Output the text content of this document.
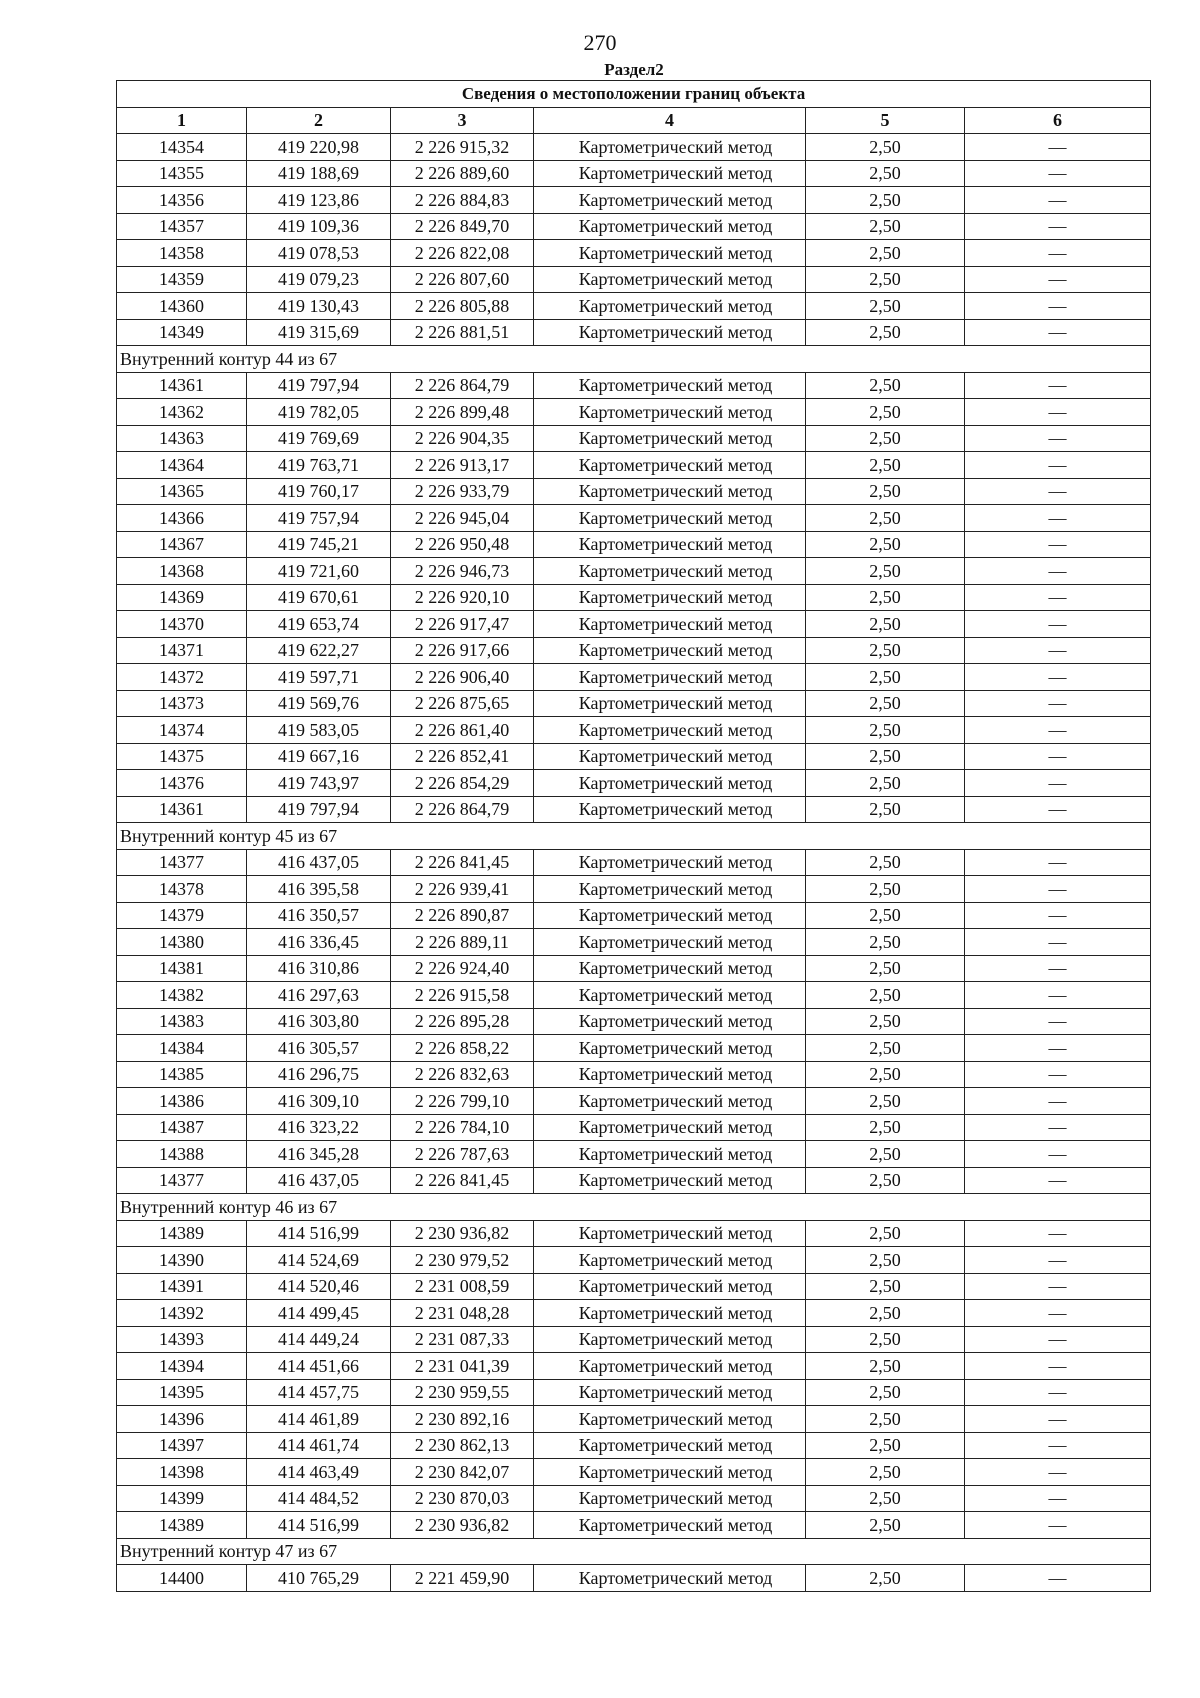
270
Раздел2
Сведения о местоположении границ объекта					
1	2	3	4	5	6
14354	419 220,98	2 226 915,32	Картометрический метод	2,50	—
14355	419 188,69	2 226 889,60	Картометрический метод	2,50	—
14356	419 123,86	2 226 884,83	Картометрический метод	2,50	—
14357	419 109,36	2 226 849,70	Картометрический метод	2,50	—
14358	419 078,53	2 226 822,08	Картометрический метод	2,50	—
14359	419 079,23	2 226 807,60	Картометрический метод	2,50	—
14360	419 130,43	2 226 805,88	Картометрический метод	2,50	—
14349	419 315,69	2 226 881,51	Картометрический метод	2,50	—
Внутренний контур 44 из 67					
14361	419 797,94	2 226 864,79	Картометрический метод	2,50	—
14362	419 782,05	2 226 899,48	Картометрический метод	2,50	—
14363	419 769,69	2 226 904,35	Картометрический метод	2,50	—
14364	419 763,71	2 226 913,17	Картометрический метод	2,50	—
14365	419 760,17	2 226 933,79	Картометрический метод	2,50	—
14366	419 757,94	2 226 945,04	Картометрический метод	2,50	—
14367	419 745,21	2 226 950,48	Картометрический метод	2,50	—
14368	419 721,60	2 226 946,73	Картометрический метод	2,50	—
14369	419 670,61	2 226 920,10	Картометрический метод	2,50	—
14370	419 653,74	2 226 917,47	Картометрический метод	2,50	—
14371	419 622,27	2 226 917,66	Картометрический метод	2,50	—
14372	419 597,71	2 226 906,40	Картометрический метод	2,50	—
14373	419 569,76	2 226 875,65	Картометрический метод	2,50	—
14374	419 583,05	2 226 861,40	Картометрический метод	2,50	—
14375	419 667,16	2 226 852,41	Картометрический метод	2,50	—
14376	419 743,97	2 226 854,29	Картометрический метод	2,50	—
14361	419 797,94	2 226 864,79	Картометрический метод	2,50	—
Внутренний контур 45 из 67					
14377	416 437,05	2 226 841,45	Картометрический метод	2,50	—
14378	416 395,58	2 226 939,41	Картометрический метод	2,50	—
14379	416 350,57	2 226 890,87	Картометрический метод	2,50	—
14380	416 336,45	2 226 889,11	Картометрический метод	2,50	—
14381	416 310,86	2 226 924,40	Картометрический метод	2,50	—
14382	416 297,63	2 226 915,58	Картометрический метод	2,50	—
14383	416 303,80	2 226 895,28	Картометрический метод	2,50	—
14384	416 305,57	2 226 858,22	Картометрический метод	2,50	—
14385	416 296,75	2 226 832,63	Картометрический метод	2,50	—
14386	416 309,10	2 226 799,10	Картометрический метод	2,50	—
14387	416 323,22	2 226 784,10	Картометрический метод	2,50	—
14388	416 345,28	2 226 787,63	Картометрический метод	2,50	—
14377	416 437,05	2 226 841,45	Картометрический метод	2,50	—
Внутренний контур 46 из 67					
14389	414 516,99	2 230 936,82	Картометрический метод	2,50	—
14390	414 524,69	2 230 979,52	Картометрический метод	2,50	—
14391	414 520,46	2 231 008,59	Картометрический метод	2,50	—
14392	414 499,45	2 231 048,28	Картометрический метод	2,50	—
14393	414 449,24	2 231 087,33	Картометрический метод	2,50	—
14394	414 451,66	2 231 041,39	Картометрический метод	2,50	—
14395	414 457,75	2 230 959,55	Картометрический метод	2,50	—
14396	414 461,89	2 230 892,16	Картометрический метод	2,50	—
14397	414 461,74	2 230 862,13	Картометрический метод	2,50	—
14398	414 463,49	2 230 842,07	Картометрический метод	2,50	—
14399	414 484,52	2 230 870,03	Картометрический метод	2,50	—
14389	414 516,99	2 230 936,82	Картометрический метод	2,50	—
Внутренний контур 47 из 67					
14400	410 765,29	2 221 459,90	Картометрический метод	2,50	—
